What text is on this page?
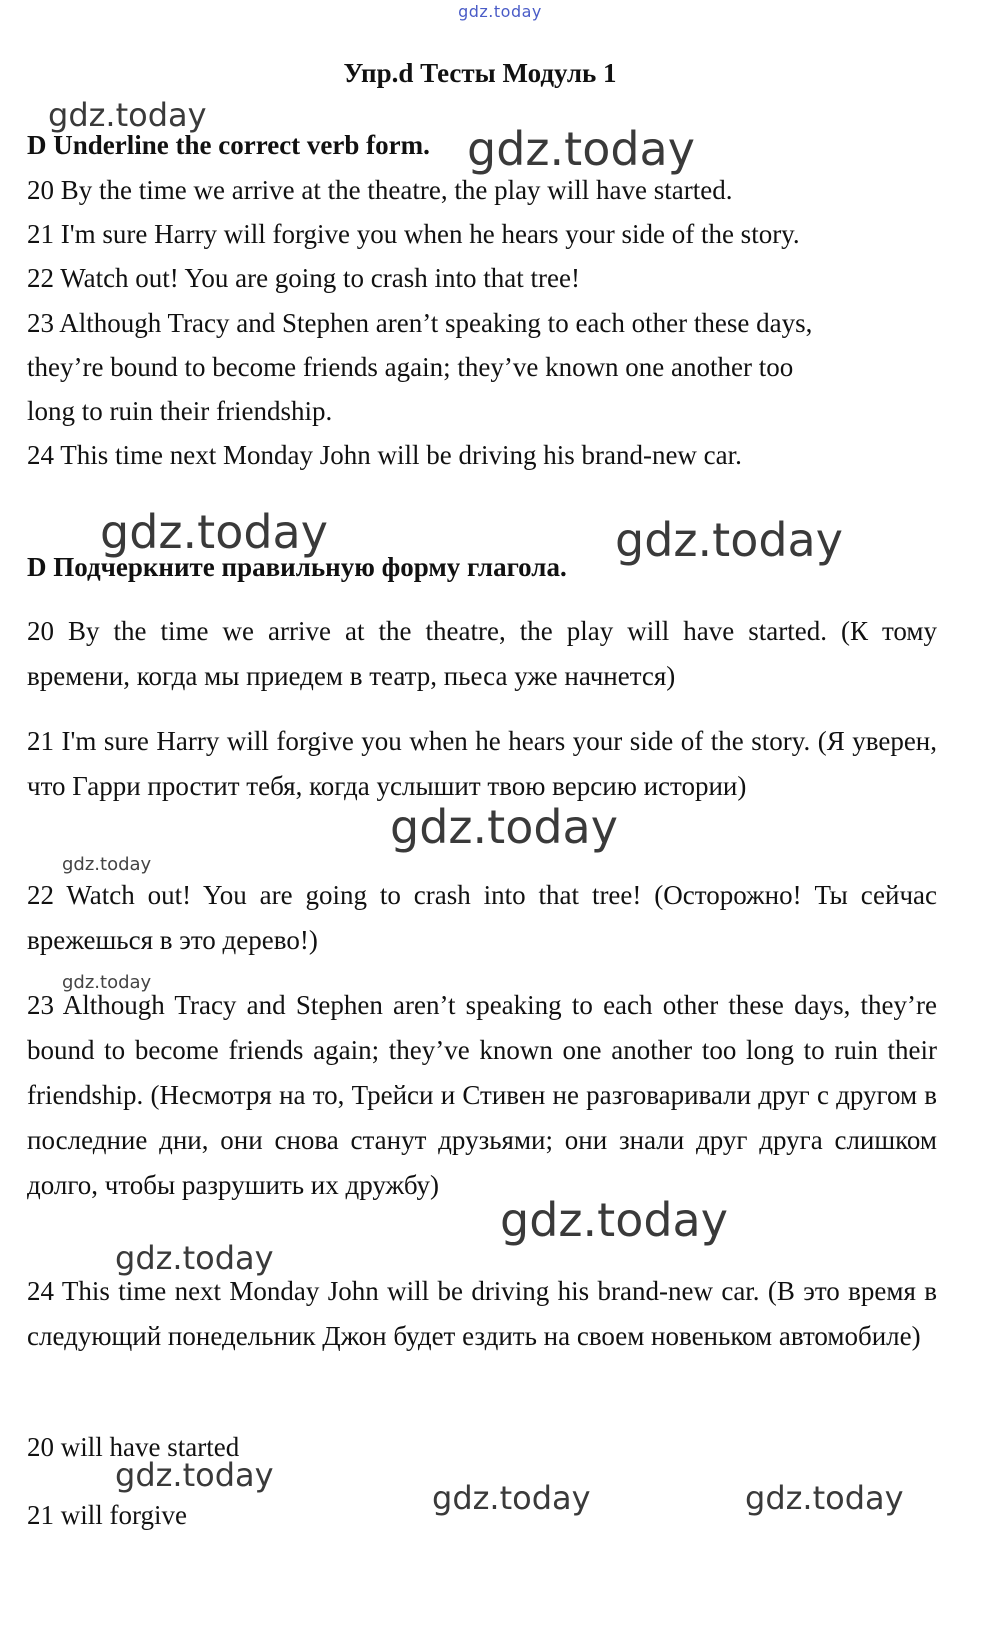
gdz.today
Упр.d Тесты Модуль 1
D Underline the correct verb form.
20 By the time we arrive at the theatre, the play will have started.
21 I'm sure Harry will forgive you when he hears your side of the story.
22 Watch out! You are going to crash into that tree!
23 Although Tracy and Stephen aren’t speaking to each other these days,
they’re bound to become friends again; they’ve known one another too
long to ruin their friendship.
24 This time next Monday John will be driving his brand-new car.
D Подчеркните правильную форму глагола.
20 By the time we arrive at the theatre, the play will have started. (К тому времени, когда мы приедем в театр, пьеса уже начнется)
21 I'm sure Harry will forgive you when he hears your side of the story. (Я уверен, что Гарри простит тебя, когда услышит твою версию истории)
22 Watch out! You are going to crash into that tree! (Осторожно! Ты сейчас врежешься в это дерево!)
23 Although Tracy and Stephen aren’t speaking to each other these days, they’re bound to become friends again; they’ve known one another too long to ruin their friendship. (Несмотря на то, Трейси и Стивен не разговаривали друг с другом в последние дни, они снова станут друзьями; они знали друг друга слишком долго, чтобы разрушить их дружбу)
24 This time next Monday John will be driving his brand-new car. (В это время в следующий понедельник Джон будет ездить на своем новеньком автомобиле)
20 will have started
21 will forgive
gdz.today
gdz.today
gdz.today	gdz.today
gdz.today
gdz.today
gdz.today
gdz.today
gdz.today
gdz.today
gdz.today	gdz.today
